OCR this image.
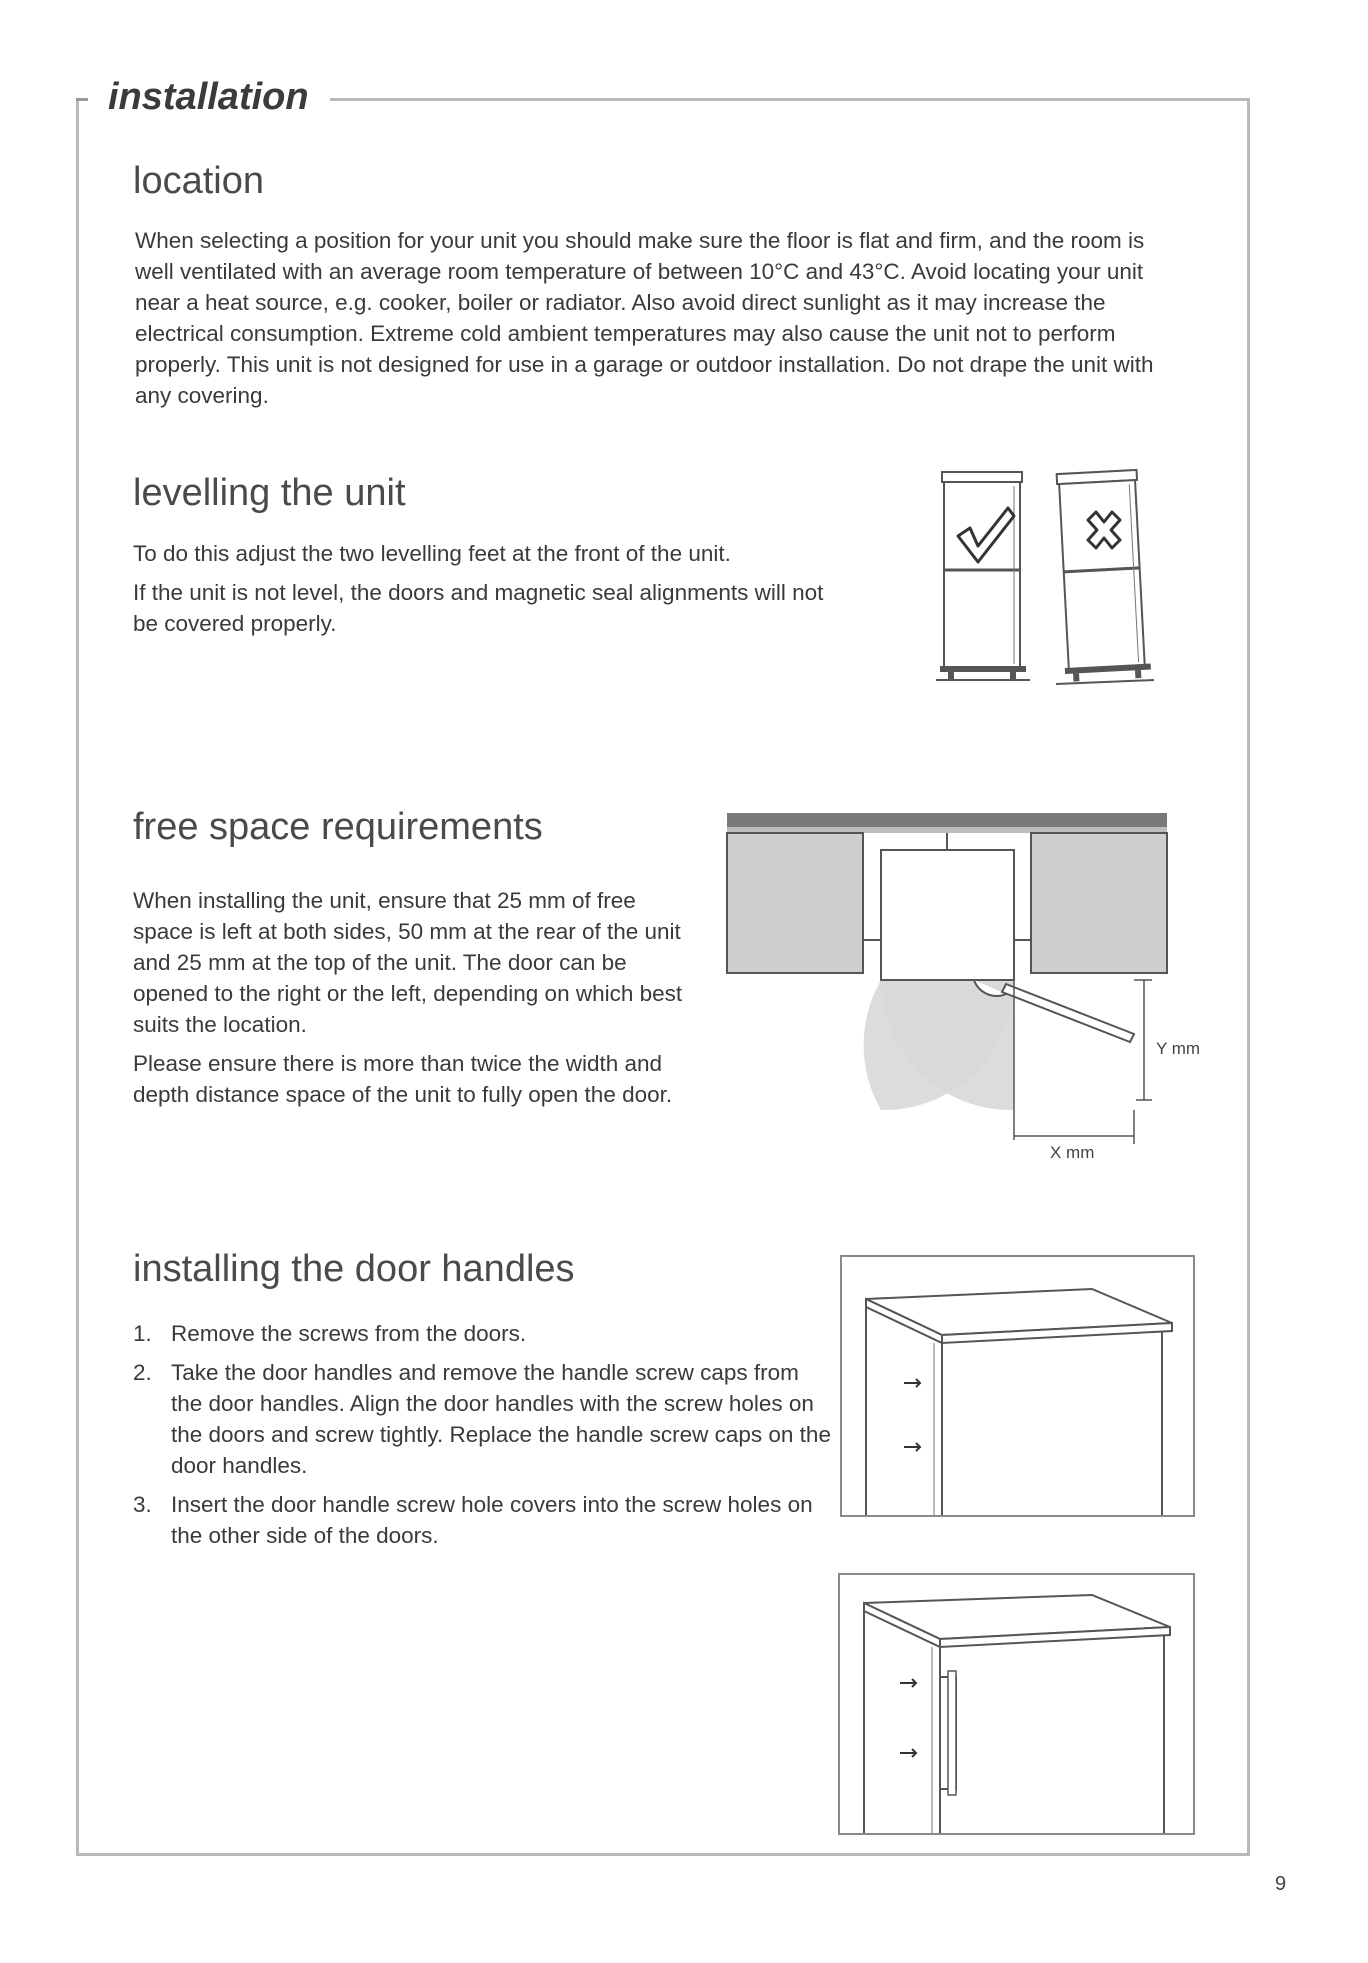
installation
location

When selecting a position for your unit you should make sure the floor is flat and firm, and the room is well ventilated with an average room temperature of between 10°C and 43°C. Avoid locating your unit near a heat source, e.g. cooker, boiler or radiator. Also avoid direct sunlight as it may increase the electrical consumption. Extreme cold ambient temperatures may also cause the unit not to perform properly. This unit is not designed for use in a garage or outdoor installation. Do not drape the unit with any covering.

levelling the unit

To do this adjust the two levelling feet at the front of the unit.

If the unit is not level, the doors and magnetic seal alignments will not be covered properly.

free space requirements

When installing the unit, ensure that 25 mm of free space is left at both sides, 50 mm at the rear of the unit and 25 mm at the top of the unit. The door can be opened to the right or the left, depending on which best suits the location.

Please ensure there is more than twice the width and depth distance space of the unit to fully open the door.

Y mm
X mm
installing the door handles
1. Remove the screws from the doors.
2. Take the door handles and remove the handle screw caps from the door handles. Align the door handles with the screw holes on the doors and screw tightly. Replace the handle screw caps on the door handles.
3. Insert the door handle screw hole covers into the screw holes on the other side of the doors.
9
